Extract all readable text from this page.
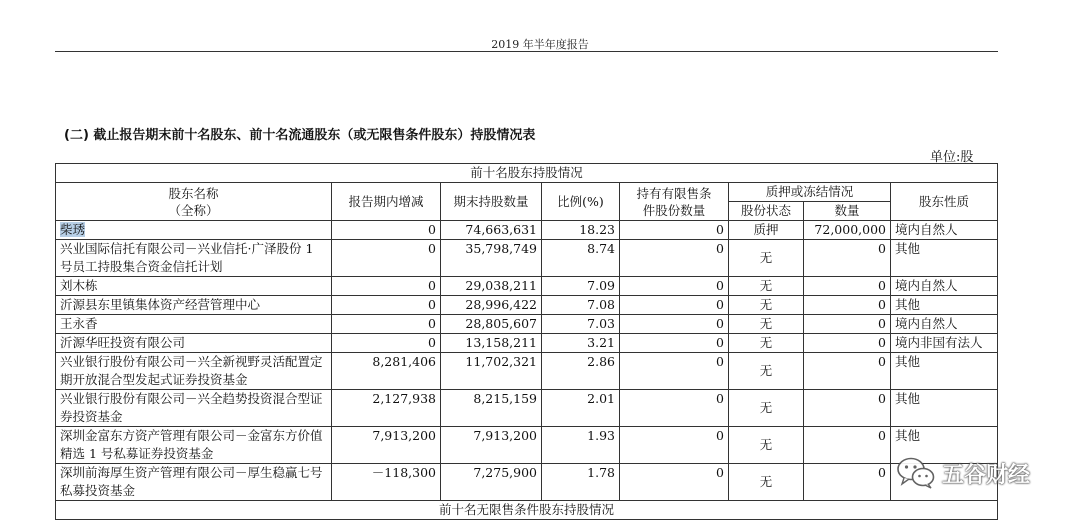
2019 年半年度报告
(二) 截止报告期末前十名股东、前十名流通股东（或无限售条件股东）持股情况表
单位:股
前十名股东持股情况							
股东名称
（全称）	报告期内增减	期末持股数量	比例(%)	持有有限售条
件股份数量	质押或冻结情况		股东性质
					股份状态	数量	
柴琇	0	74,663,631	18.23	0	质押	72,000,000	境内自然人
兴业国际信托有限公司－兴业信托·广泽股份 1 号员工持股集合资金信托计划	0	35,798,749	8.74	0	无	0	其他
刘木栋	0	29,038,211	7.09	0	无	0	境内自然人
沂源县东里镇集体资产经营管理中心	0	28,996,422	7.08	0	无	0	其他
王永香	0	28,805,607	7.03	0	无	0	境内自然人
沂源华旺投资有限公司	0	13,158,211	3.21	0	无	0	境内非国有法人
兴业银行股份有限公司－兴全新视野灵活配置定期开放混合型发起式证券投资基金	8,281,406	11,702,321	2.86	0	无	0	其他
兴业银行股份有限公司－兴全趋势投资混合型证券投资基金	2,127,938	8,215,159	2.01	0	无	0	其他
深圳金富东方资产管理有限公司－金富东方价值精选 1 号私募证券投资基金	7,913,200	7,913,200	1.93	0	无	0	其他
深圳前海厚生资产管理有限公司－厚生稳赢七号私募投资基金	－118,300	7,275,900	1.78	0	无	0	
前十名无限售条件股东持股情况							
五谷财经
